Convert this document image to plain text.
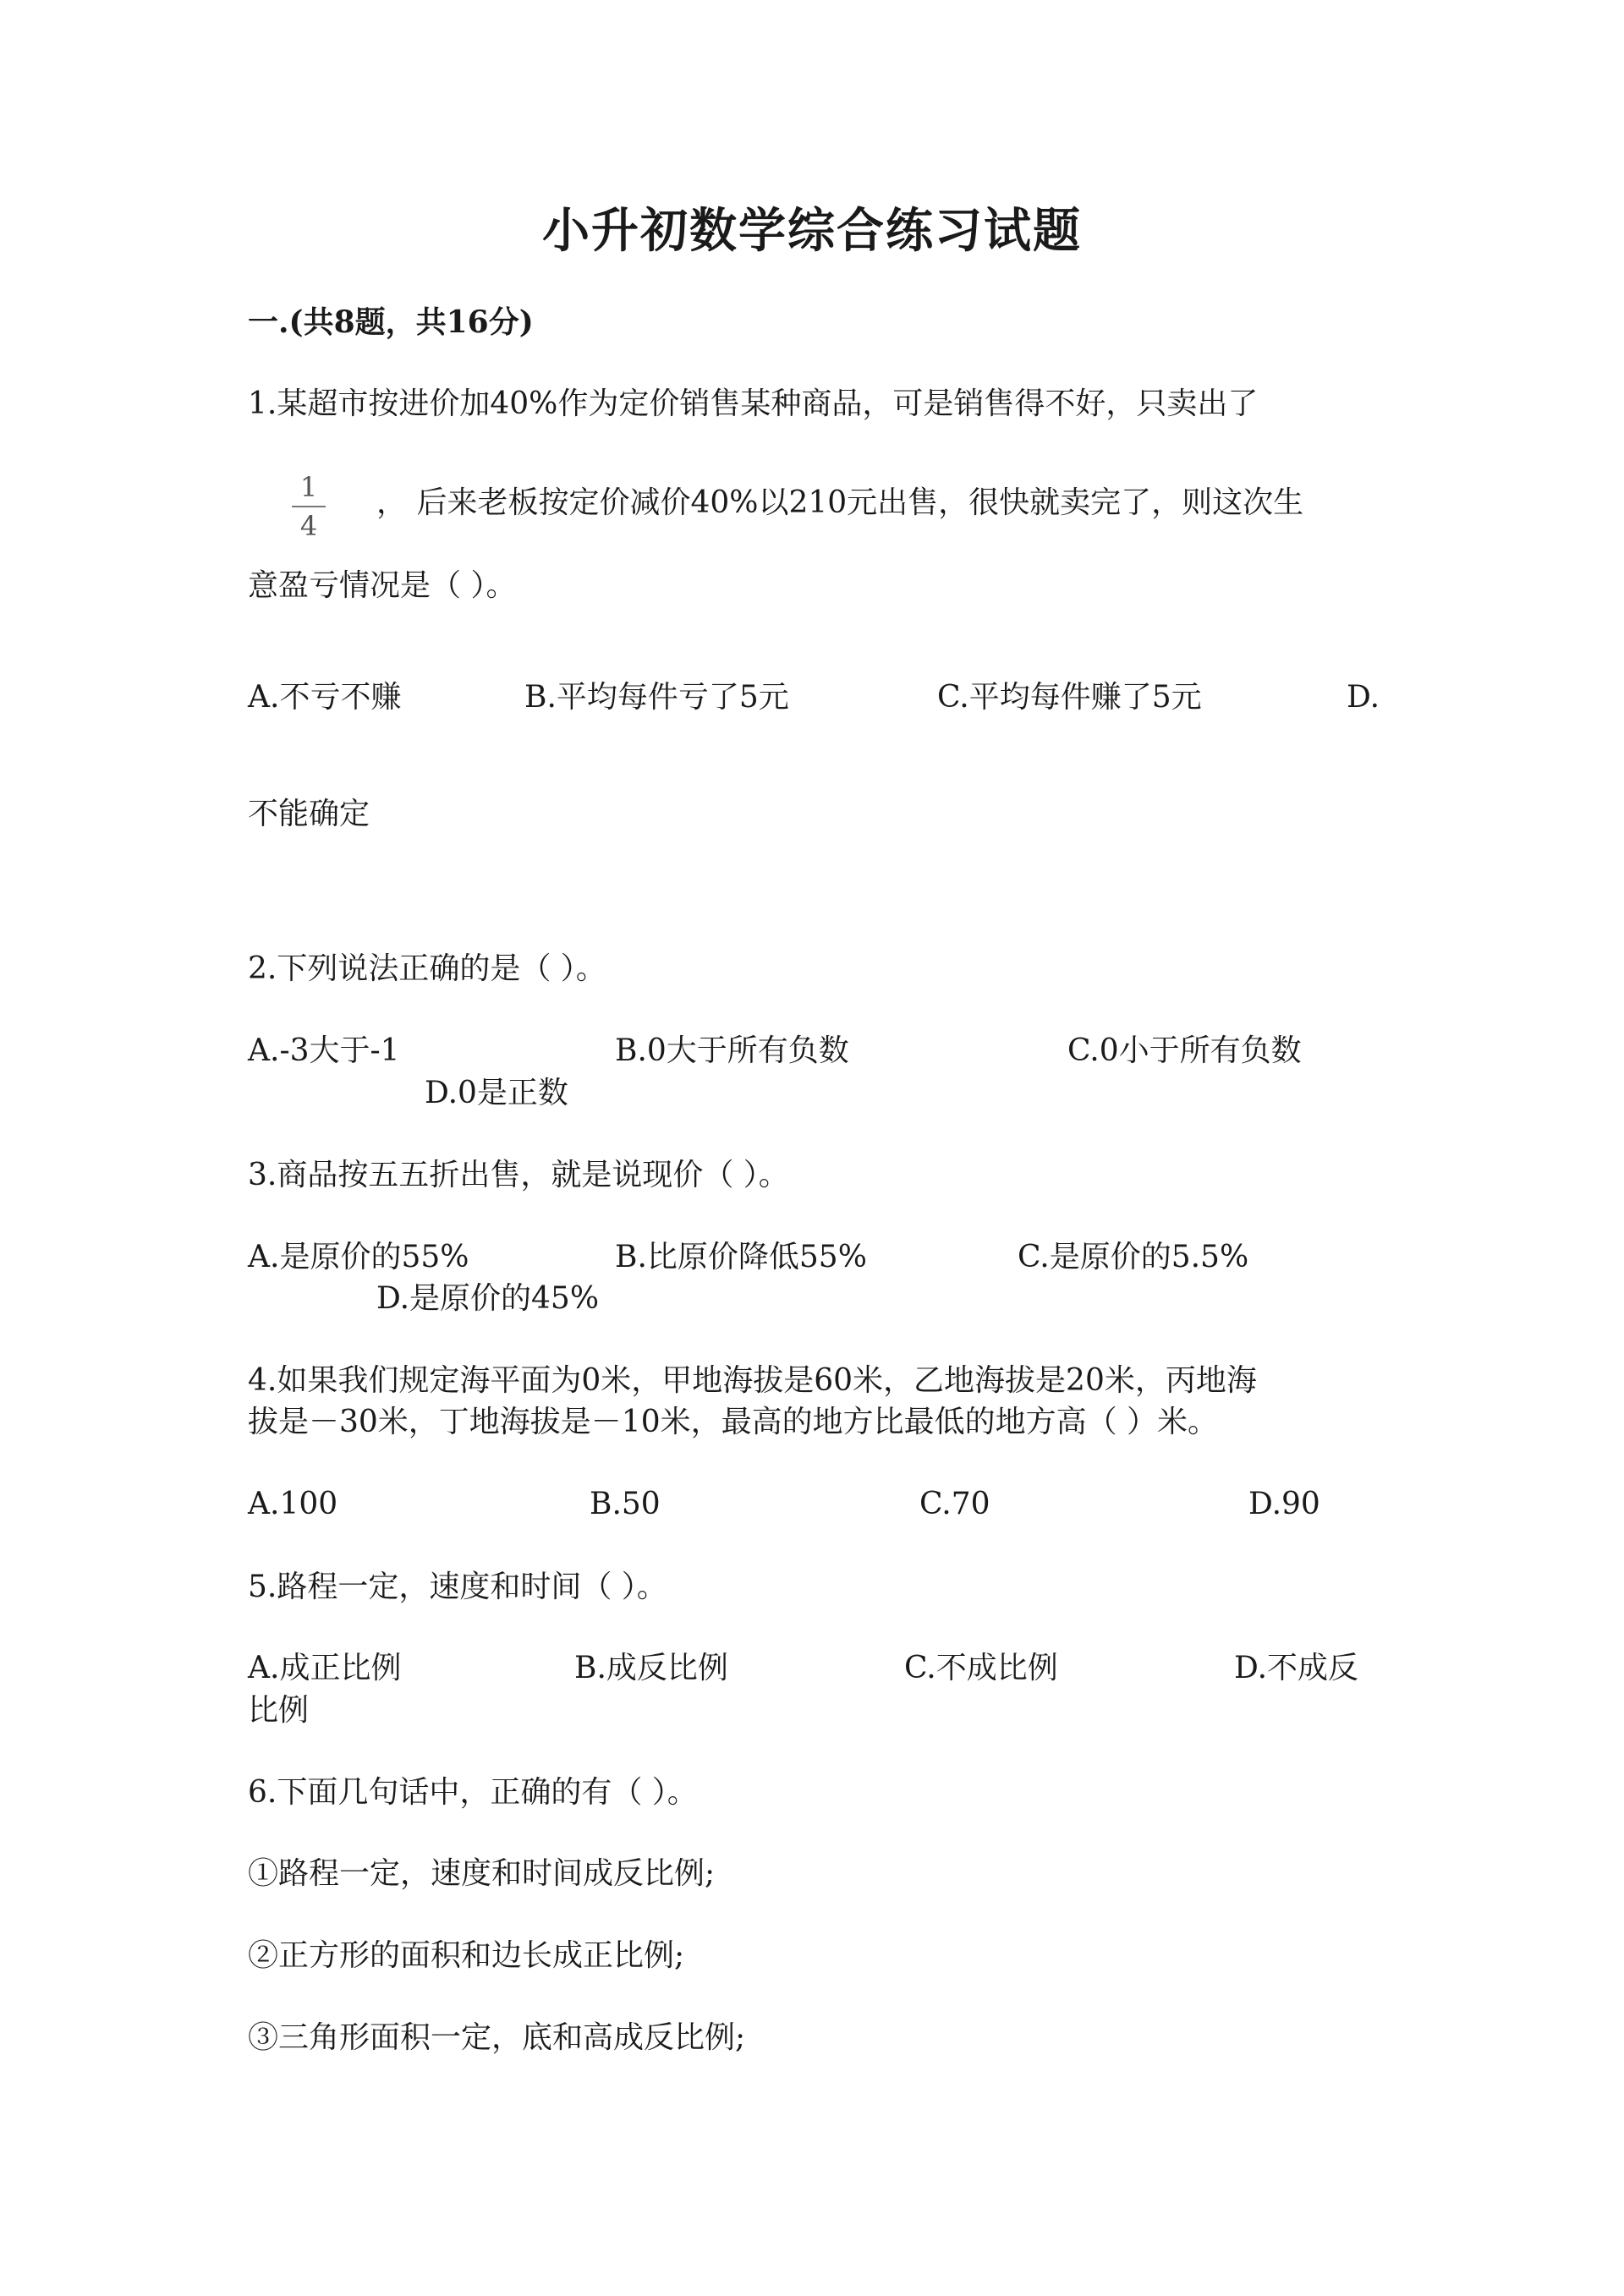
小升初数学综合练习试题
一.(共8题，共16分)
1.某超市按进价加40%作为定价销售某种商品，可是销售得不好，只卖出了
1
4
， 后来老板按定价减价40%以210元出售，很快就卖完了，则这次生
意盈亏情况是（ ）。
A.不亏不赚	B.平均每件亏了5元	C.平均每件赚了5元	D.
不能确定
2.下列说法正确的是（ ）。
A.-3大于-1	B.0大于所有负数	C.0小于所有负数
D.0是正数
3.商品按五五折出售，就是说现价（ ）。
A.是原价的55%	B.比原价降低55%	C.是原价的5.5%
D.是原价的45%
4.如果我们规定海平面为0米，甲地海拔是60米，乙地海拔是20米，丙地海
拔是－30米，丁地海拔是－10米，最高的地方比最低的地方高（ ）米。
A.100	B.50	C.70	D.90
5.路程一定，速度和时间（ ）。
A.成正比例	B.成反比例	C.不成比例	D.不成反
比例
6.下面几句话中，正确的有（ ）。
①路程一定，速度和时间成反比例;
②正方形的面积和边长成正比例;
③三角形面积一定，底和高成反比例;
